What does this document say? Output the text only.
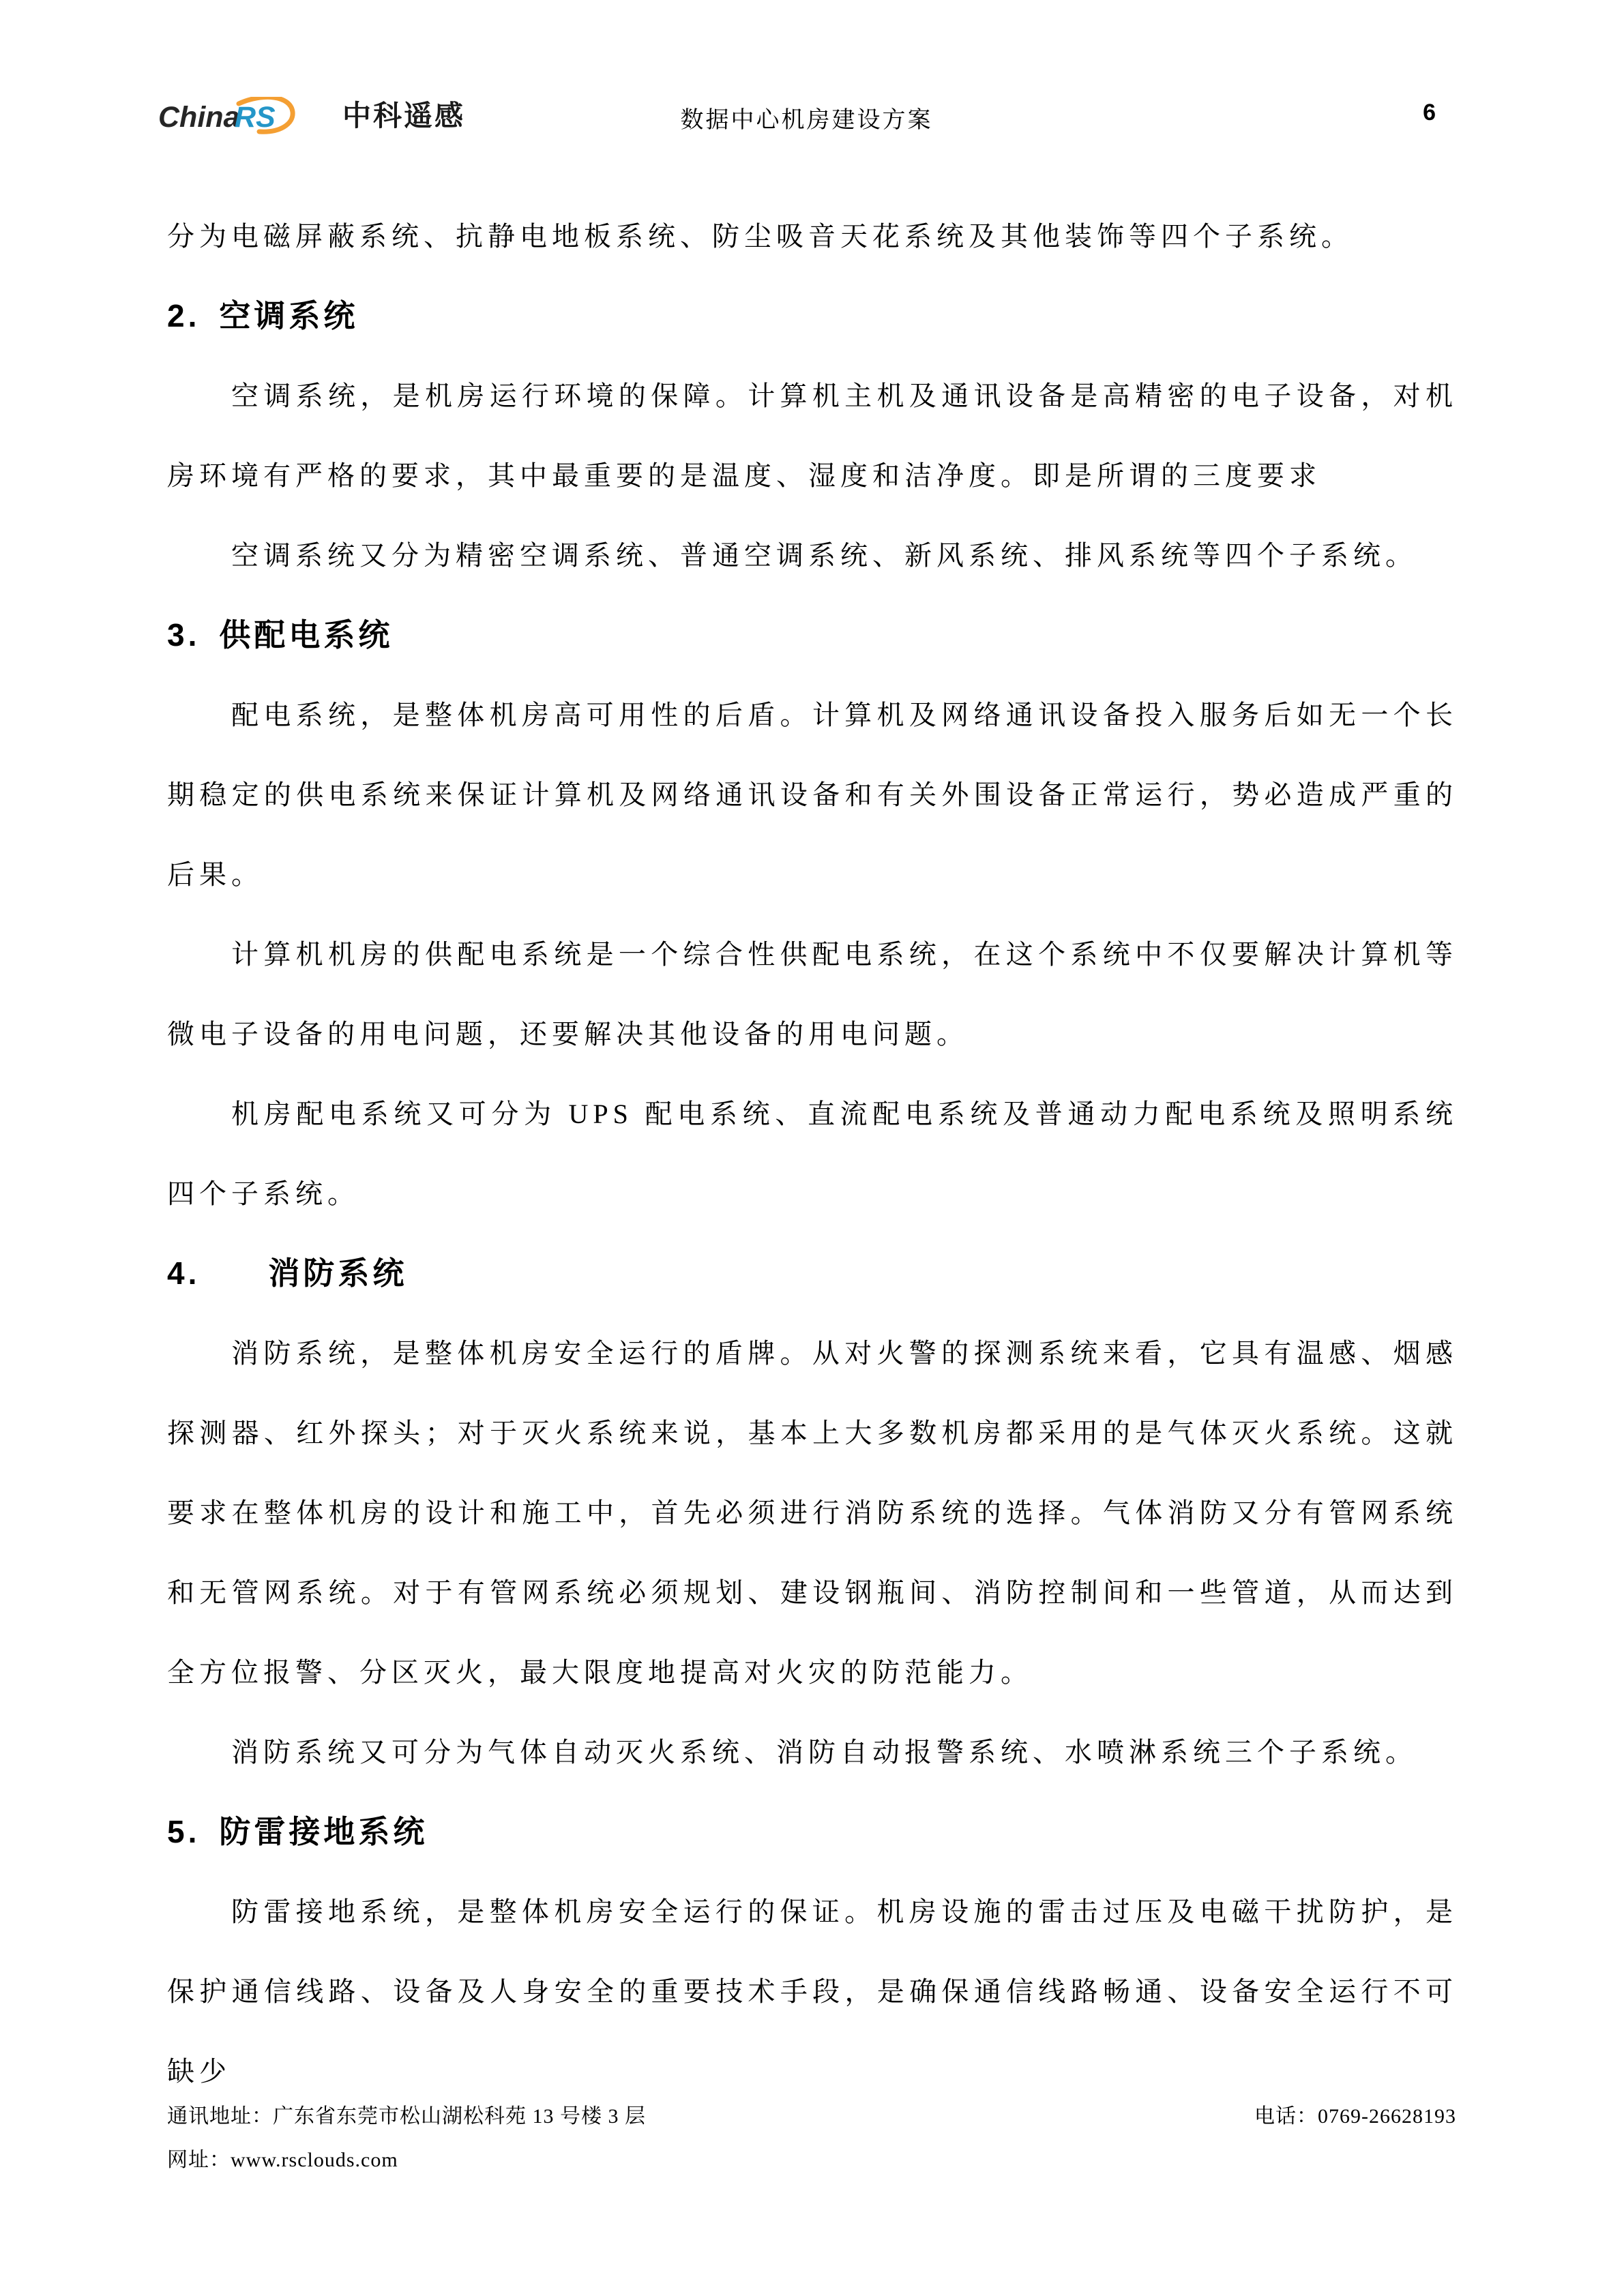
China
RS 中科遥感	数据中心机房建设方案	6

分为电磁屏蔽系统、抗静电地板系统、防尘吸音天花系统及其他装饰等四个子系统。

2. 空调系统

空调系统，是机房运行环境的保障。计算机主机及通讯设备是高精密的电子设备，对机房环境有严格的要求，其中最重要的是温度、湿度和洁净度。即是所谓的三度要求

空调系统又分为精密空调系统、普通空调系统、新风系统、排风系统等四个子系统。

3. 供配电系统

配电系统，是整体机房高可用性的后盾。计算机及网络通讯设备投入服务后如无一个长期稳定的供电系统来保证计算机及网络通讯设备和有关外围设备正常运行，势必造成严重的后果。

计算机机房的供配电系统是一个综合性供配电系统，在这个系统中不仅要解决计算机等微电子设备的用电问题，还要解决其他设备的用电问题。

机房配电系统又可分为 UPS 配电系统、直流配电系统及普通动力配电系统及照明系统四个子系统。

4. 消防系统

消防系统，是整体机房安全运行的盾牌。从对火警的探测系统来看，它具有温感、烟感探测器、红外探头；对于灭火系统来说，基本上大多数机房都采用的是气体灭火系统。这就要求在整体机房的设计和施工中，首先必须进行消防系统的选择。气体消防又分有管网系统和无管网系统。对于有管网系统必须规划、建设钢瓶间、消防控制间和一些管道，从而达到全方位报警、分区灭火，最大限度地提高对火灾的防范能力。

消防系统又可分为气体自动灭火系统、消防自动报警系统、水喷淋系统三个子系统。

5. 防雷接地系统

防雷接地系统，是整体机房安全运行的保证。机房设施的雷击过压及电磁干扰防护，是保护通信线路、设备及人身安全的重要技术手段，是确保通信线路畅通、设备安全运行不可缺少

通讯地址：广东省东莞市松山湖松科苑 13 号楼 3 层	电话：0769-26628193
网址：www.rsclouds.com
